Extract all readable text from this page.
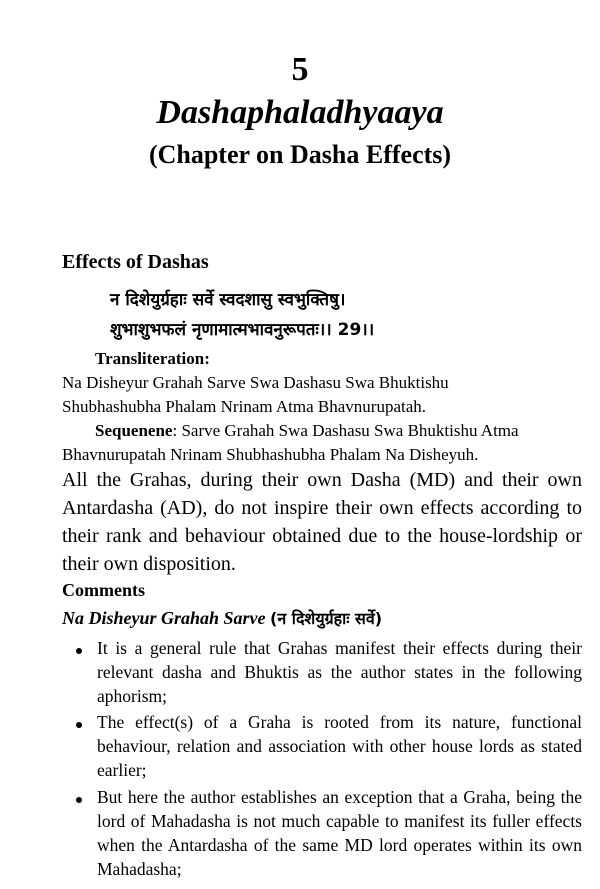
5
Dashaphaladhyaaya
(Chapter on Dasha Effects)
Effects of Dashas
न दिशेयुर्ग्रहाः सर्वे स्वदशासु स्वभुक्तिषु।
शुभाशुभफलं नृणामात्मभावनुरूपतः।। 29।।
Transliteration:
Na Disheyur Grahah Sarve Swa Dashasu Swa Bhuktishu
Shubhashubha Phalam Nrinam Atma Bhavnurupatah.
Sequenene: Sarve Grahah Swa Dashasu Swa Bhuktishu Atma
Bhavnurupatah Nrinam Shubhashubha Phalam Na Disheyuh.
All the Grahas, during their own Dasha (MD) and their own Antardasha (AD), do not inspire their own effects according to their rank and behaviour obtained due to the house-lordship or their own disposition.
Comments
Na Disheyur Grahah Sarve (न दिशेयुर्ग्रहाः सर्वे)
It is a general rule that Grahas manifest their effects during their relevant dasha and Bhuktis as the author states in the following aphorism;
The effect(s) of a Graha is rooted from its nature, functional behaviour, relation and association with other house lords as stated earlier;
But here the author establishes an exception that a Graha, being the lord of Mahadasha is not much capable to manifest its fuller effects when the Antardasha of the same MD lord operates within its own Mahadasha;
